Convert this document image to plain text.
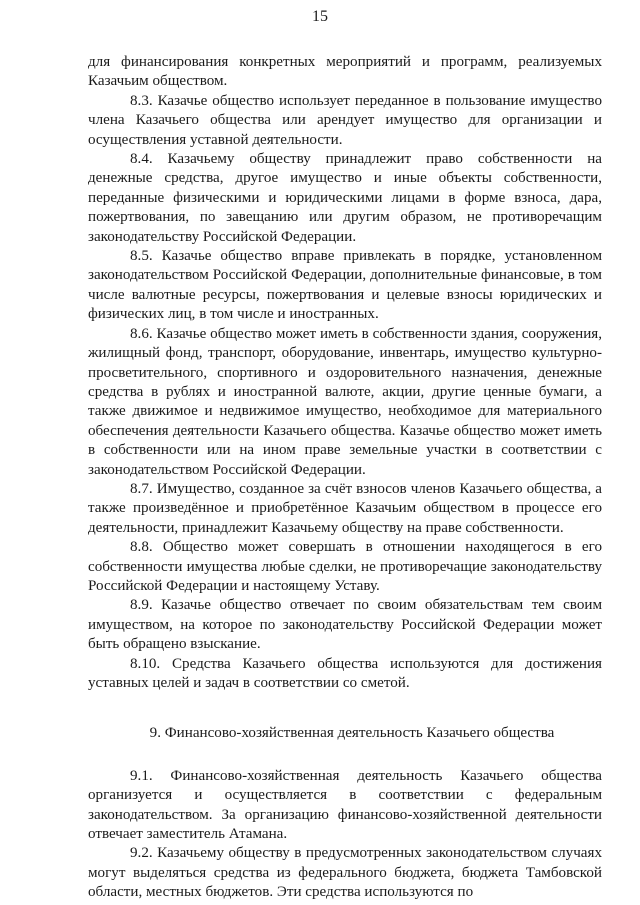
15

для финансирования конкретных мероприятий и программ, реализуемых Казачьим обществом.

8.3. Казачье общество использует переданное в пользование имущество члена Казачьего общества или арендует имущество для организации и осуществления уставной деятельности.

8.4. Казачьему обществу принадлежит право собственности на денежные средства, другое имущество и иные объекты собственности, переданные физическими и юридическими лицами в форме взноса, дара, пожертвования, по завещанию или другим образом, не противоречащим законодательству Российской Федерации.

8.5. Казачье общество вправе привлекать в порядке, установленном законодательством Российской Федерации, дополнительные финансовые, в том числе валютные ресурсы, пожертвования и целевые взносы юридических и физических лиц, в том числе и иностранных.

8.6. Казачье общество может иметь в собственности здания, сооружения, жилищный фонд, транспорт, оборудование, инвентарь, имущество культурно-просветительного, спортивного и оздоровительного назначения, денежные средства в рублях и иностранной валюте, акции, другие ценные бумаги, а также движимое и недвижимое имущество, необходимое для материального обеспечения деятельности Казачьего общества. Казачье общество может иметь в собственности или на ином праве земельные участки в соответствии с законодательством Российской Федерации.

8.7. Имущество, созданное за счёт взносов членов Казачьего общества, а также произведённое и приобретённое Казачьим обществом в процессе его деятельности, принадлежит Казачьему обществу на праве собственности.

8.8. Общество может совершать в отношении находящегося в его собственности имущества любые сделки, не противоречащие законодательству Российской Федерации и настоящему Уставу.

8.9. Казачье общество отвечает по своим обязательствам тем своим имуществом, на которое по законодательству Российской Федерации может быть обращено взыскание.

8.10. Средства Казачьего общества используются для достижения уставных целей и задач в соответствии со сметой.

9. Финансово-хозяйственная деятельность Казачьего общества

9.1. Финансово-хозяйственная деятельность Казачьего общества организуется и осуществляется в соответствии с федеральным законодательством. За организацию финансово-хозяйственной деятельности отвечает заместитель Атамана.

9.2. Казачьему обществу в предусмотренных законодательством случаях могут выделяться средства из федерального бюджета, бюджета Тамбовской области, местных бюджетов. Эти средства используются по
